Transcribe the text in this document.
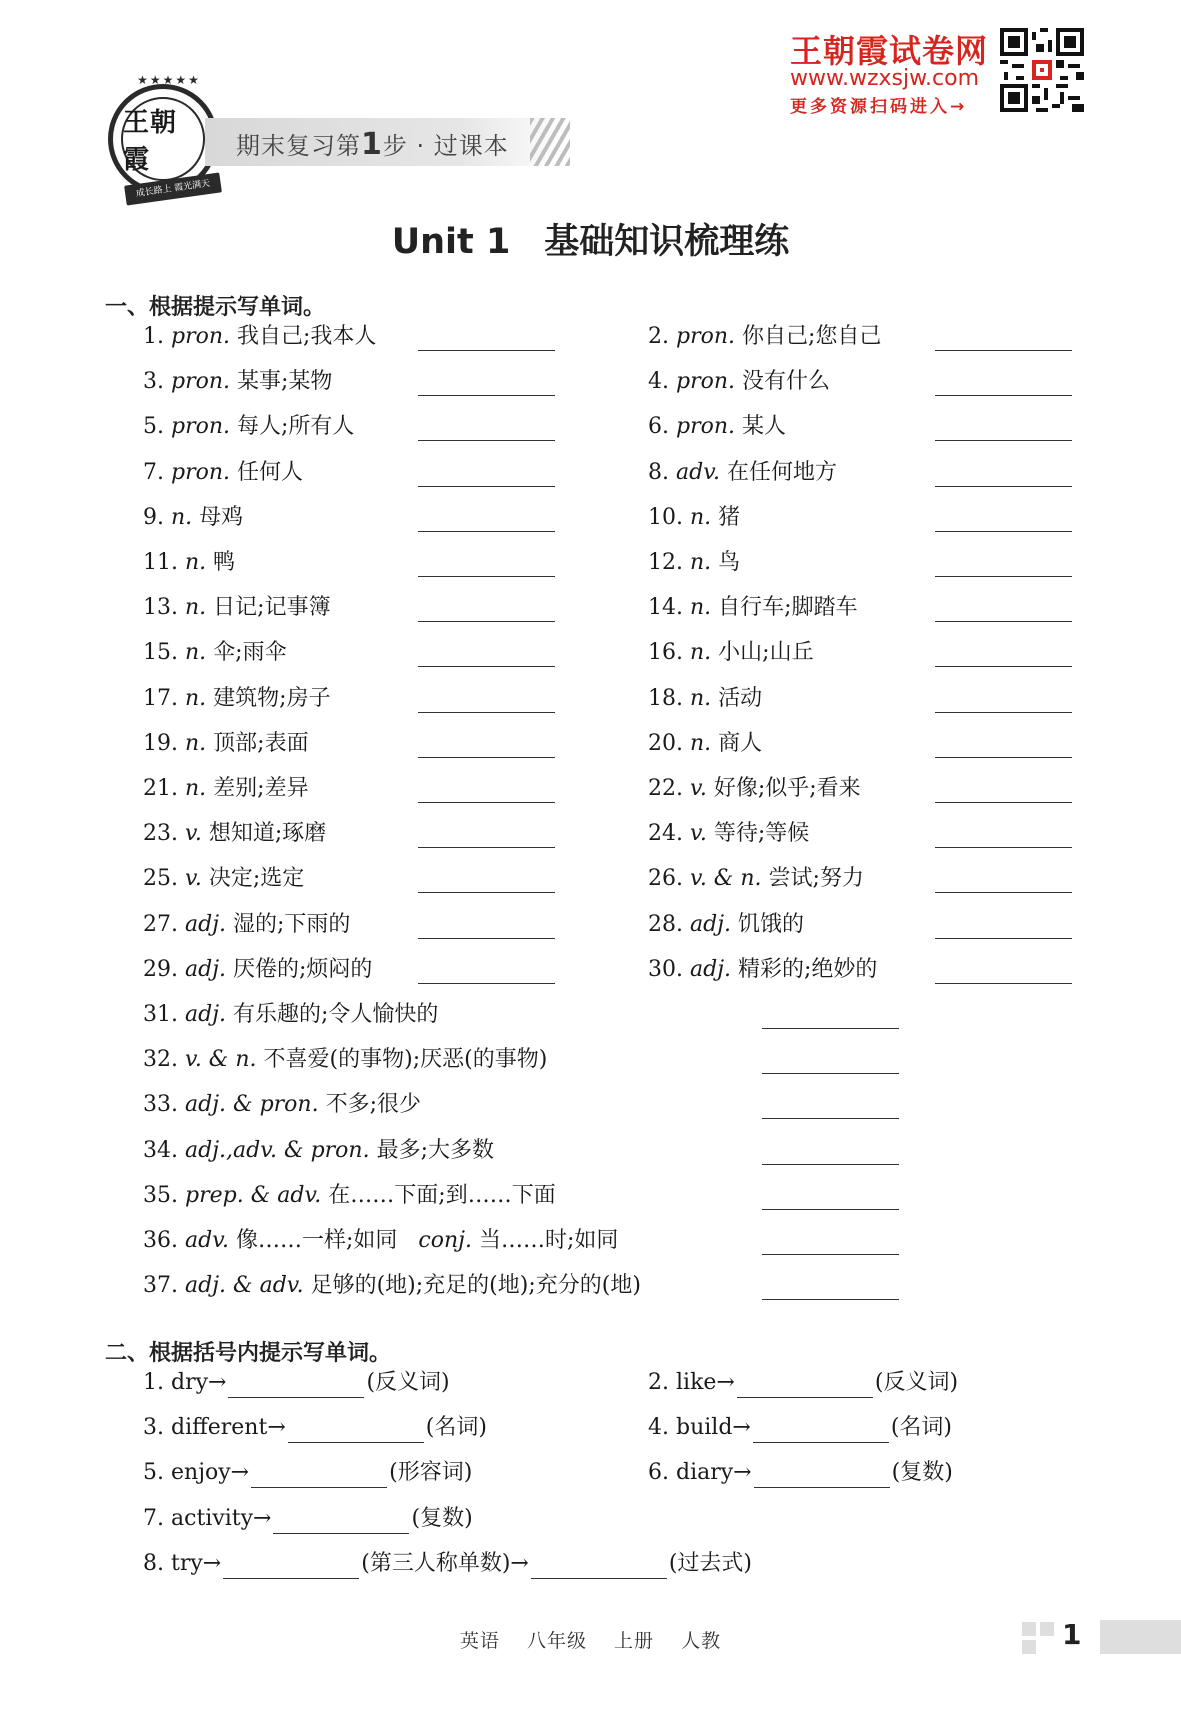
★★★★★
王朝霞
成长路上 霞光满天
期末复习第1步 · 过课本
王朝霞试卷网
www.wzxsjw.com
更多资源扫码进入→
Unit 1 基础知识梳理练
一、根据提示写单词。
1. pron. 我自己;我本人	2. pron. 你自己;您自己
3. pron. 某事;某物	4. pron. 没有什么
5. pron. 每人;所有人	6. pron. 某人
7. pron. 任何人	8. adv. 在任何地方
9. n. 母鸡	10. n. 猪
11. n. 鸭	12. n. 鸟
13. n. 日记;记事簿	14. n. 自行车;脚踏车
15. n. 伞;雨伞	16. n. 小山;山丘
17. n. 建筑物;房子	18. n. 活动
19. n. 顶部;表面	20. n. 商人
21. n. 差别;差异	22. v. 好像;似乎;看来
23. v. 想知道;琢磨	24. v. 等待;等候
25. v. 决定;选定	26. v. & n. 尝试;努力
27. adj. 湿的;下雨的	28. adj. 饥饿的
29. adj. 厌倦的;烦闷的	30. adj. 精彩的;绝妙的
31. adj. 有乐趣的;令人愉快的
32. v. & n. 不喜爱(的事物);厌恶(的事物)
33. adj. & pron. 不多;很少
34. adj.,adv. & pron. 最多;大多数
35. prep. & adv. 在……下面;到……下面
36. adv. 像……一样;如同 conj. 当……时;如同
37. adj. & adv. 足够的(地);充足的(地);充分的(地)
二、根据括号内提示写单词。
1. dry→	(反义词)	2. like→	(反义词)
3. different→	(名词)	4. build→	(名词)
5. enjoy→	(形容词)	6. diary→	(复数)
7. activity→	(复数)
8. try→	(第三人称单数)→	(过去式)
英语 八年级 上册 人教	1
